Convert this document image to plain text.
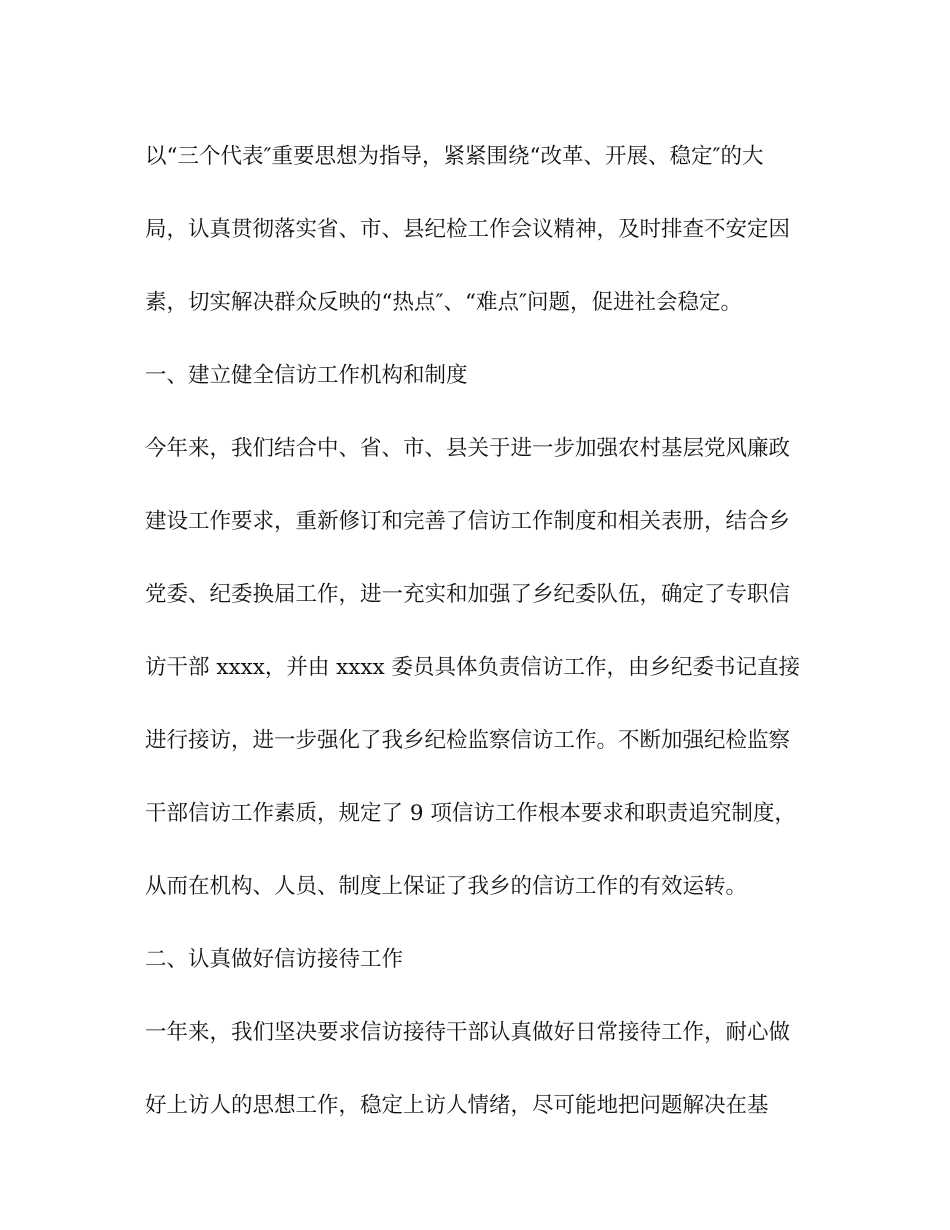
以“三个代表″重要思想为指导，紧紧围绕“改革、开展、稳定″的大
局，认真贯彻落实省、市、县纪检工作会议精神，及时排查不安定因
素，切实解决群众反映的“热点″、“难点″问题，促进社会稳定。
一、建立健全信访工作机构和制度
今年来，我们结合中、省、市、县关于进一步加强农村基层党风廉政
建设工作要求，重新修订和完善了信访工作制度和相关表册，结合乡
党委、纪委换届工作，进一充实和加强了乡纪委队伍，确定了专职信
访干部 xxxx，并由 xxxx 委员具体负责信访工作，由乡纪委书记直接
进行接访，进一步强化了我乡纪检监察信访工作。不断加强纪检监察
干部信访工作素质，规定了 9 项信访工作根本要求和职责追究制度，
从而在机构、人员、制度上保证了我乡的信访工作的有效运转。
二、认真做好信访接待工作
一年来，我们坚决要求信访接待干部认真做好日常接待工作，耐心做
好上访人的思想工作，稳定上访人情绪，尽可能地把问题解决在基
